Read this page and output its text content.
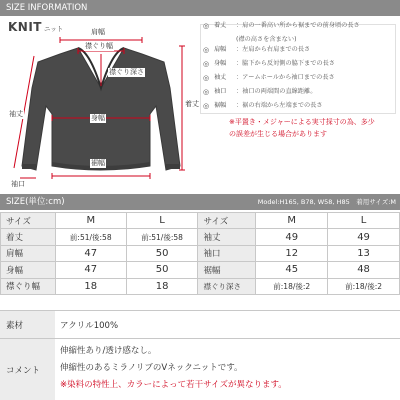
SIZE INFORMATION
KNIT ニット	肩幅
襟ぐり幅
襟ぐり深さ
袖丈
着丈
身幅
裾幅
袖口
◎ 着丈	：肩の一番高い所から裾までの前身頃の長さ
(襟の高さを含まない)
◎ 肩幅	：左肩から右肩までの長さ
◎ 身幅	：脇下から反対側の脇下までの長さ
◎ 袖丈	：アームホールから袖口までの長さ
◎ 袖口	：袖口の両端間の直線距離。
◎ 裾幅	：裾の右端から左端までの長さ
※平置き・メジャーによる実寸採寸の為、多少
の誤差が生じる場合があります
SIZE(単位:cm)	Model:H165, B78, W58, H85　着用サイズ:M
サイズ	M	L	サイズ	M	L
着丈	前:51/後:58	前:51/後:58	袖丈	49	49
肩幅	47	50	袖口	12	13
身幅	47	50	裾幅	45	48
襟ぐり幅	18	18	襟ぐり深さ	前:18/後:2	前:18/後:2
素材	アクリル100%
コメント
伸縮性あり/透け感なし。
伸縮性のあるミラノリブのVネックニットです。
※染料の特性上、カラーによって若干サイズが異なります。
